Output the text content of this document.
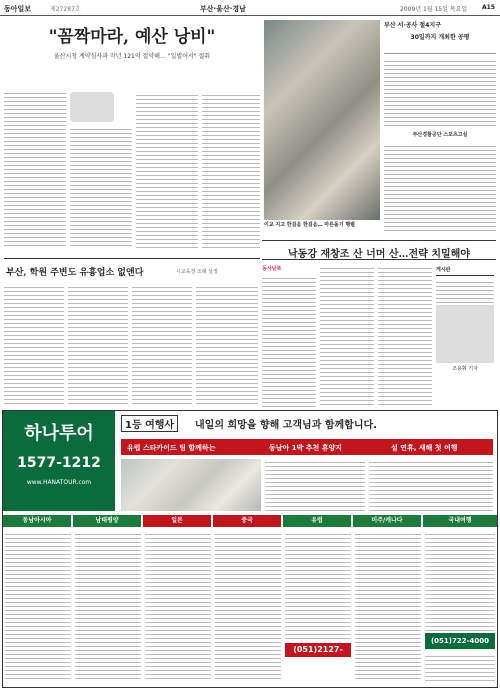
동아일보	제27287호	부산·울산·경남	2009년 1월 15일 목요일 A15
"꼼짝마라, 예산 낭비"
울산시청 계약심사과 작년 121억 절약해… "일벌어서" 절취
부산 서·공사 철4지구
30일까지 개최한 공평
부산경찰공단 스포츠고실
이교 지고 한걸음 한걸음… 마른돌기 행렬
낙동강 재창조 산 너머 산…전략 치밀해야
동서남북
조용휘 기자
게시판
부산, 학원 주변도 유흥업소 없앤다	시교육청 조례 상정
하나투어
1577-1212
www.HANATOUR.com
1등 여행사	내일의 희망을 향해 고객님과 함께합니다.
유럽 스타카이드 팀 함께하는	동남아 1박 추천 휴양지	설 연휴, 새해 첫 여행
동남아시아	남태평양	일본	중국	유럽	미주/캐나다	국내여행
(051)2127-1200
(051)722-4000
